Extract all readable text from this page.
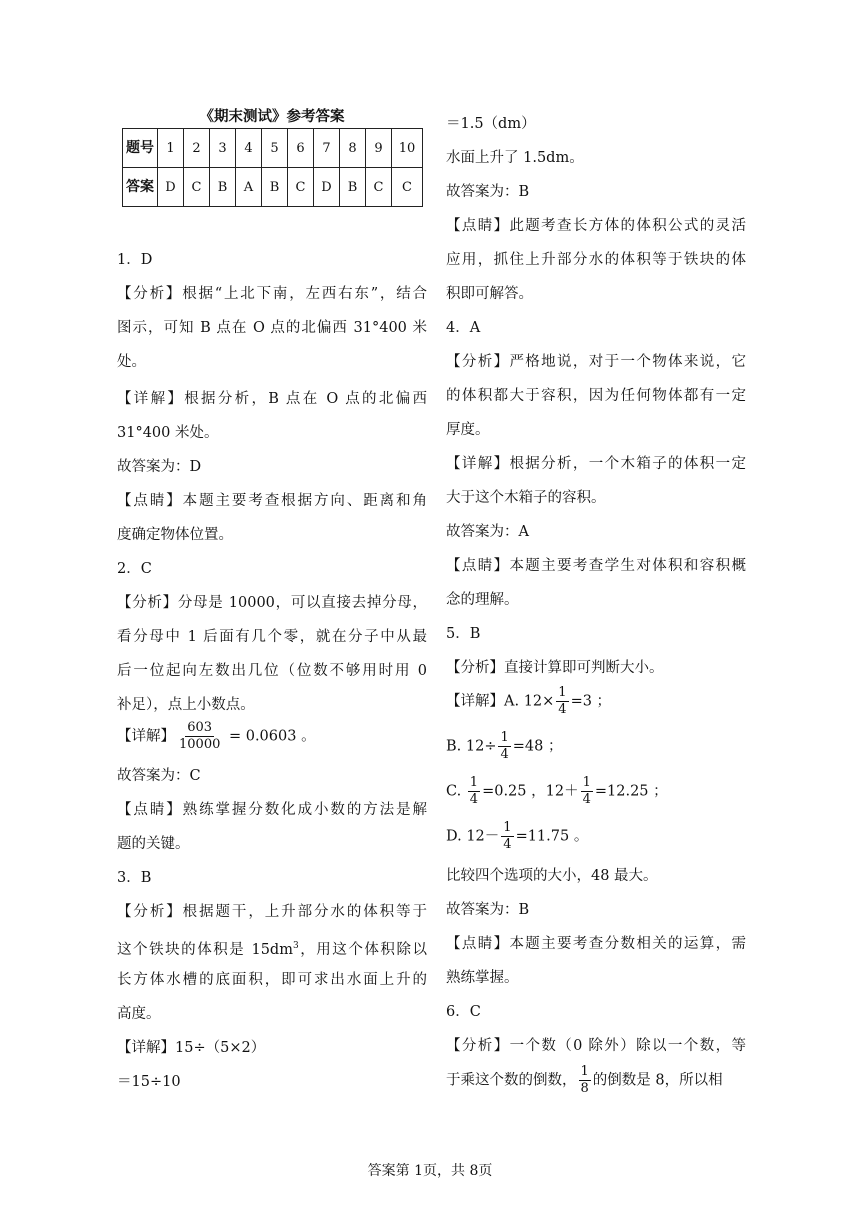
《期末测试》参考答案
题号	1	2	3	4	5	6	7	8	9	10
答案	D	C	B	A	B	C	D	B	C	C
1．D
【分析】根据“上北下南，左西右东”，结合
图示，可知 B 点在 O 点的北偏西 31°400 米
处。
【详解】根据分析，B 点在 O 点的北偏西
31°400 米处。
故答案为：D
【点睛】本题主要考查根据方向、距离和角
度确定物体位置。
2．C
【分析】分母是 10000，可以直接去掉分母，
看分母中 1 后面有几个零，就在分子中从最
后一位起向左数出几位（位数不够用时用 0
补足），点上小数点。
【详解】 $\frac{603}{10000} = 0.0603$ 。
故答案为：C
【点睛】熟练掌握分数化成小数的方法是解
题的关键。
3．B
【分析】根据题干，上升部分水的体积等于
这个铁块的体积是 $15dm^3$，用这个体积除以
长方体水槽的底面积，即可求出水面上升的
高度。
【详解】15÷（5×2）
＝15÷10
＝1.5（dm）
水面上升了 1.5dm。
故答案为：B
【点睛】此题考查长方体的体积公式的灵活
应用，抓住上升部分水的体积等于铁块的体
积即可解答。
4．A
【分析】严格地说，对于一个物体来说，它
的体积都大于容积，因为任何物体都有一定
厚度。
【详解】根据分析，一个木箱子的体积一定
大于这个木箱子的容积。
故答案为：A
【点睛】本题主要考查学生对体积和容积概
念的理解。
5．B
【分析】直接计算即可判断大小。
【详解】A. $12\times \frac{1}{4} =3$ ；
B. $12\div \frac{1}{4} =48$ ；
C. $\frac{1}{4} =0.25$ ，$12+ \frac{1}{4} =12.25$ ；
D. $12- \frac{1}{4} =11.75$ 。
比较四个选项的大小，48 最大。
故答案为：B
【点睛】本题主要考查分数相关的运算，需
熟练掌握。
6．C
【分析】一个数（0 除外）除以一个数，等
于乘这个数的倒数， $\frac{1}{8}$ 的倒数是 8，所以相
答案第 1页，共 8页
